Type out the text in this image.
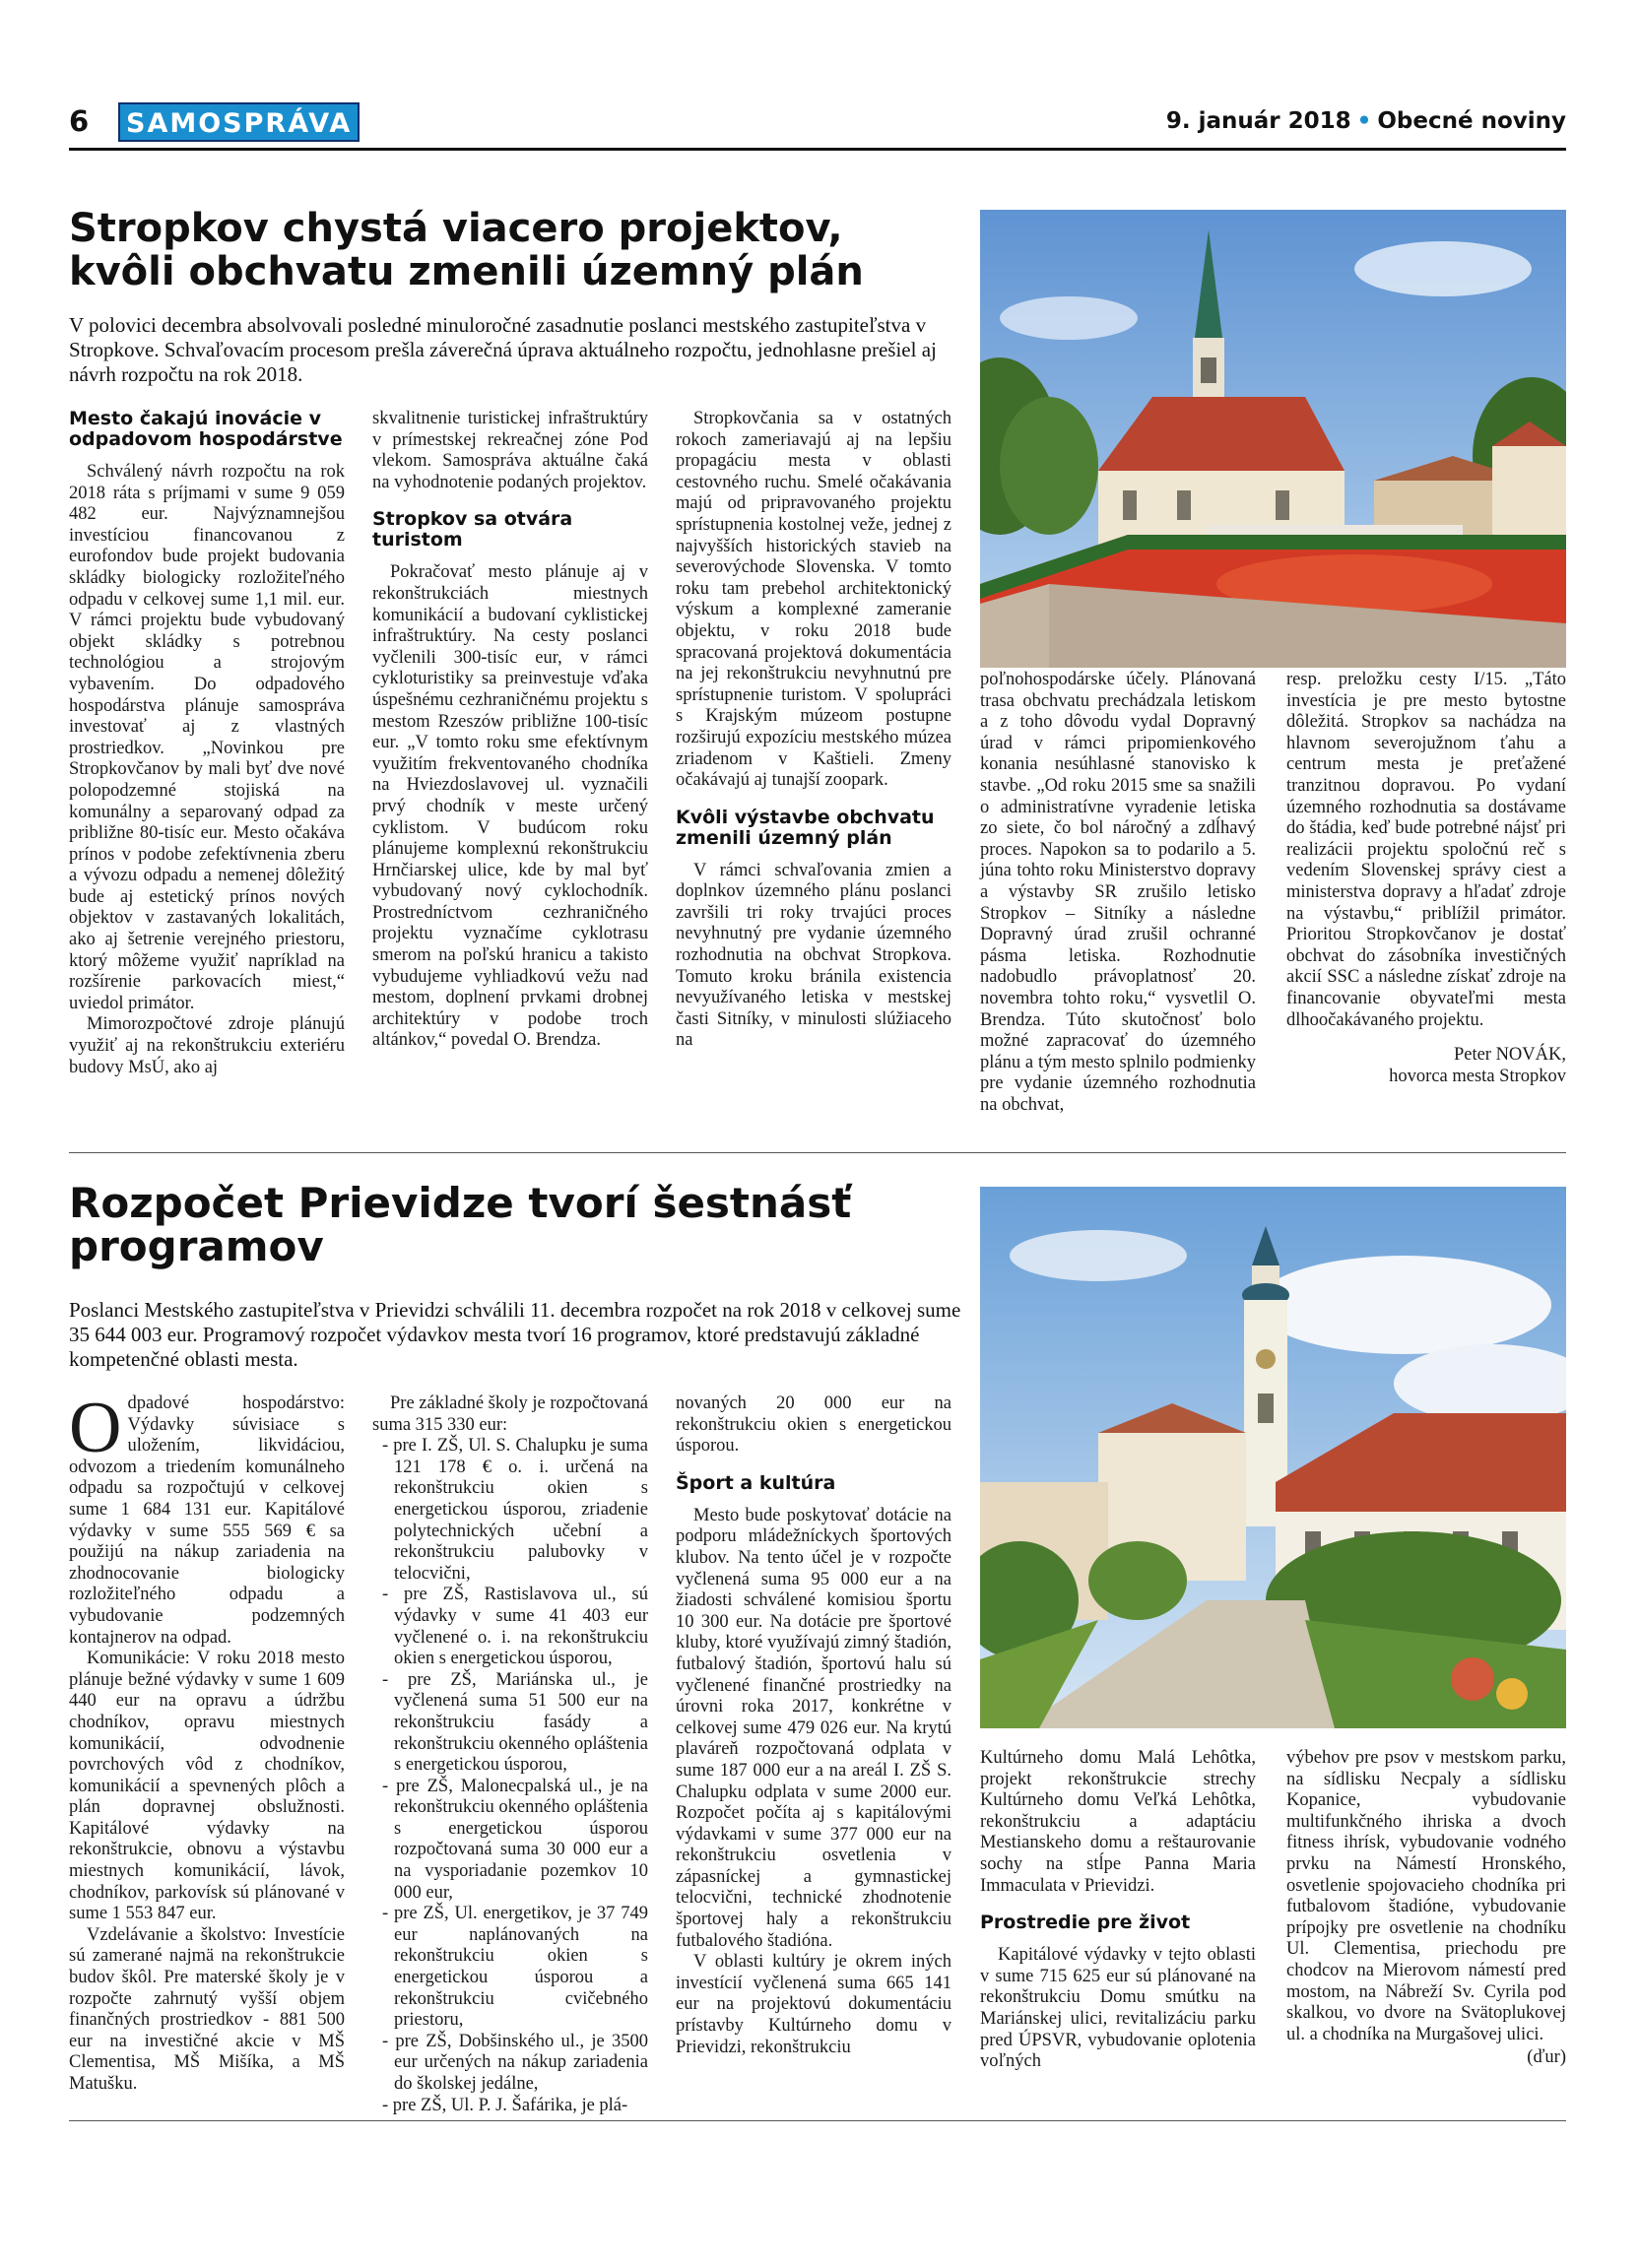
6 SAMOSPRÁVA	9. január 2018 • Obecné noviny
Stropkov chystá viacero projektov,
kvôli obchvatu zmenili územný plán

V polovici decembra absolvovali posledné minuloročné zasadnutie poslanci mestského zastupiteľstva v Stropkove. Schvaľovacím procesom prešla záverečná úprava aktuálneho rozpočtu, jednohlasne prešiel aj návrh rozpočtu na rok 2018.

Mesto čakajú inovácie v odpadovom hospodárstve

Schválený návrh rozpočtu na rok 2018 ráta s príjmami v sume 9 059 482 eur. Najvýznamnejšou investíciou financovanou z eurofondov bude projekt budovania skládky biologicky rozložiteľného odpadu v celkovej sume 1,1 mil. eur. V rámci projektu bude vybudovaný objekt skládky s potrebnou technológiou a strojovým vybavením. Do odpadového hospodárstva plánuje samospráva investovať aj z vlastných prostriedkov. „Novinkou pre Stropkovčanov by mali byť dve nové polopodzemné stojiská na komunálny a separovaný odpad za približne 80-tisíc eur. Mesto očakáva prínos v podobe zefektívnenia zberu a vývozu odpadu a nemenej dôležitý bude aj estetický prínos nových objektov v zastavaných lokalitách, ako aj šetrenie verejného priestoru, ktorý môžeme využiť napríklad na rozšírenie parkovacích miest,“ uviedol primátor.

Mimorozpočtové zdroje plánujú využiť aj na rekonštrukciu exteriéru budovy MsÚ, ako aj

skvalitnenie turistickej infraštruktúry v prímestskej rekreačnej zóne Pod vlekom. Samospráva aktuálne čaká na vyhodnotenie podaných projektov.

Stropkov sa otvára turistom

Pokračovať mesto plánuje aj v rekonštrukciách miestnych komunikácií a budovaní cyklistickej infraštruktúry. Na cesty poslanci vyčlenili 300-tisíc eur, v rámci cykloturistiky sa preinvestuje vďaka úspešnému cezhraničnému projektu s mestom Rzeszów približne 100-tisíc eur. „V tomto roku sme efektívnym využitím frekventovaného chodníka na Hviezdoslavovej ul. vyznačili prvý chodník v meste určený cyklistom. V budúcom roku plánujeme komplexnú rekonštrukciu Hrnčiarskej ulice, kde by mal byť vybudovaný nový cyklochodník. Prostredníctvom cezhraničného projektu vyznačíme cyklotrasu smerom na poľskú hranicu a takisto vybudujeme vyhliadkovú vežu nad mestom, doplnení prvkami drobnej architektúry v podobe troch altánkov,“ povedal O. Brendza.

Stropkovčania sa v ostatných rokoch zameriavajú aj na lepšiu propagáciu mesta v oblasti cestovného ruchu. Smelé očakávania majú od pripravovaného projektu sprístupnenia kostolnej veže, jednej z najvyšších historických stavieb na severovýchode Slovenska. V tomto roku tam prebehol architektonický výskum a komplexné zameranie objektu, v roku 2018 bude spracovaná projektová dokumentácia na jej rekonštrukciu nevyhnutnú pre sprístupnenie turistom. V spolupráci s Krajským múzeom postupne rozširujú expozíciu mestského múzea zriadenom v Kaštieli. Zmeny očakávajú aj tunajší zoopark.

Kvôli výstavbe obchvatu zmenili územný plán

V rámci schvaľovania zmien a doplnkov územného plánu poslanci završili tri roky trvajúci proces nevyhnutný pre vydanie územného rozhodnutia na obchvat Stropkova. Tomuto kroku bránila existencia nevyužívaného letiska v mestskej časti Sitníky, v minulosti slúžiaceho na

poľnohospodárske účely. Plánovaná trasa obchvatu prechádzala letiskom a z toho dôvodu vydal Dopravný úrad v rámci pripomienkového konania nesúhlasné stanovisko k stavbe. „Od roku 2015 sme sa snažili o administratívne vyradenie letiska zo siete, čo bol náročný a zdĺhavý proces. Napokon sa to podarilo a 5. júna tohto roku Ministerstvo dopravy a výstavby SR zrušilo letisko Stropkov – Sitníky a následne Dopravný úrad zrušil ochranné pásma letiska. Rozhodnutie nadobudlo právoplatnosť 20. novembra tohto roku,“ vysvetlil O. Brendza. Túto skutočnosť bolo možné zapracovať do územného plánu a tým mesto splnilo podmienky pre vydanie územného rozhodnutia na obchvat,

resp. preložku cesty I/15. „Táto investícia je pre mesto bytostne dôležitá. Stropkov sa nachádza na hlavnom severojužnom ťahu a centrum mesta je preťažené tranzitnou dopravou. Po vydaní územného rozhodnutia sa dostávame do štádia, keď bude potrebné nájsť pri realizácii projektu spoločnú reč s vedením Slovenskej správy ciest a ministerstva dopravy a hľadať zdroje na výstavbu,“ priblížil primátor. Prioritou Stropkovčanov je dostať obchvat do zásobníka investičných akcií SSC a následne získať zdroje na financovanie obyvateľmi mesta dlhoočakávaného projektu.

Peter NOVÁK,

hovorca mesta Stropkov

Rozpočet Prievidze tvorí šestnásť
programov

Poslanci Mestského zastupiteľstva v Prievidzi schválili 11. decembra rozpočet na rok 2018 v celkovej sume 35 644 003 eur. Programový rozpočet výdavkov mesta tvorí 16 programov, ktoré predstavujú základné kompetenčné oblasti mesta.

Odpadové hospodárstvo: Výdavky súvisiace s uložením, likvidáciou, odvozom a triedením komunálneho odpadu sa rozpočtujú v celkovej sume 1 684 131 eur. Kapitálové výdavky v sume 555 569 € sa použijú na nákup zariadenia na zhodnocovanie biologicky rozložiteľného odpadu a vybudovanie podzemných kontajnerov na odpad.

Komunikácie: V roku 2018 mesto plánuje bežné výdavky v sume 1 609 440 eur na opravu a údržbu chodníkov, opravu miestnych komunikácií, odvodnenie povrchových vôd z chodníkov, komunikácií a spevnených plôch a plán dopravnej obslužnosti. Kapitálové výdavky na rekonštrukcie, obnovu a výstavbu miestnych komunikácií, lávok, chodníkov, parkovísk sú plánované v sume 1 553 847 eur.

Vzdelávanie a školstvo: Investície sú zamerané najmä na rekonštrukcie budov škôl. Pre materské školy je v rozpočte zahrnutý vyšší objem finančných prostriedkov - 881 500 eur na investičné akcie v MŠ Clementisa, MŠ Mišíka, a MŠ Matušku.

Pre základné školy je rozpočtovaná suma 315 330 eur:

- pre I. ZŠ, Ul. S. Chalupku je suma 121 178 € o. i. určená na rekonštrukciu okien s energetickou úsporou, zriadenie polytechnických učební a rekonštrukciu palubovky v telocvični,
- pre ZŠ, Rastislavova ul., sú výdavky v sume 41 403 eur vyčlenené o. i. na rekonštrukciu okien s energetickou úsporou,
- pre ZŠ, Mariánska ul., je vyčlenená suma 51 500 eur na rekonštrukciu fasády a rekonštrukciu okenného opláštenia s energetickou úsporou,
- pre ZŠ, Malonecpalská ul., je na rekonštrukciu okenného opláštenia s energetickou úsporou rozpočtovaná suma 30 000 eur a na vysporiadanie pozemkov 10 000 eur,
- pre ZŠ, Ul. energetikov, je 37 749 eur naplánovaných na rekonštrukciu okien s energetickou úsporou a rekonštrukciu cvičebného priestoru,
- pre ZŠ, Dobšinského ul., je 3500 eur určených na nákup zariadenia do školskej jedálne,
- pre ZŠ, Ul. P. J. Šafárika, je plá-

novaných 20 000 eur na rekonštrukciu okien s energetickou úsporou.

Šport a kultúra

Mesto bude poskytovať dotácie na podporu mládežníckych športových klubov. Na tento účel je v rozpočte vyčlenená suma 95 000 eur a na žiadosti schválené komisiou športu 10 300 eur. Na dotácie pre športové kluby, ktoré využívajú zimný štadión, futbalový štadión, športovú halu sú vyčlenené finančné prostriedky na úrovni roka 2017, konkrétne v celkovej sume 479 026 eur. Na krytú plaváreň rozpočtovaná odplata v sume 187 000 eur a na areál I. ZŠ S. Chalupku odplata v sume 2000 eur. Rozpočet počíta aj s kapitálovými výdavkami v sume 377 000 eur na rekonštrukciu osvetlenia v zápasníckej a gymnastickej telocvični, technické zhodnotenie športovej haly a rekonštrukciu futbalového štadióna.

V oblasti kultúry je okrem iných investícií vyčlenená suma 665 141 eur na projektovú dokumentáciu prístavby Kultúrneho domu v Prievidzi, rekonštrukciu

Kultúrneho domu Malá Lehôtka, projekt rekonštrukcie strechy Kultúrneho domu Veľká Lehôtka, rekonštrukciu a adaptáciu Mestianskeho domu a reštaurovanie sochy na stĺpe Panna Maria Immaculata v Prievidzi.

Prostredie pre život

Kapitálové výdavky v tejto oblasti v sume 715 625 eur sú plánované na rekonštrukciu Domu smútku na Mariánskej ulici, revitalizáciu parku pred ÚPSVR, vybudovanie oplotenia voľných

výbehov pre psov v mestskom parku, na sídlisku Necpaly a sídlisku Kopanice, vybudovanie multifunkčného ihriska a dvoch fitness ihrísk, vybudovanie vodného prvku na Námestí Hronského, osvetlenie spojovacieho chodníka pri futbalovom štadióne, vybudovanie prípojky pre osvetlenie na chodníku Ul. Clementisa, priechodu pre chodcov na Mierovom námestí pred mostom, na Nábreží Sv. Cyrila pod skalkou, vo dvore na Svätoplukovej ul. a chodníka na Murgašovej ulici.

(ďur)
